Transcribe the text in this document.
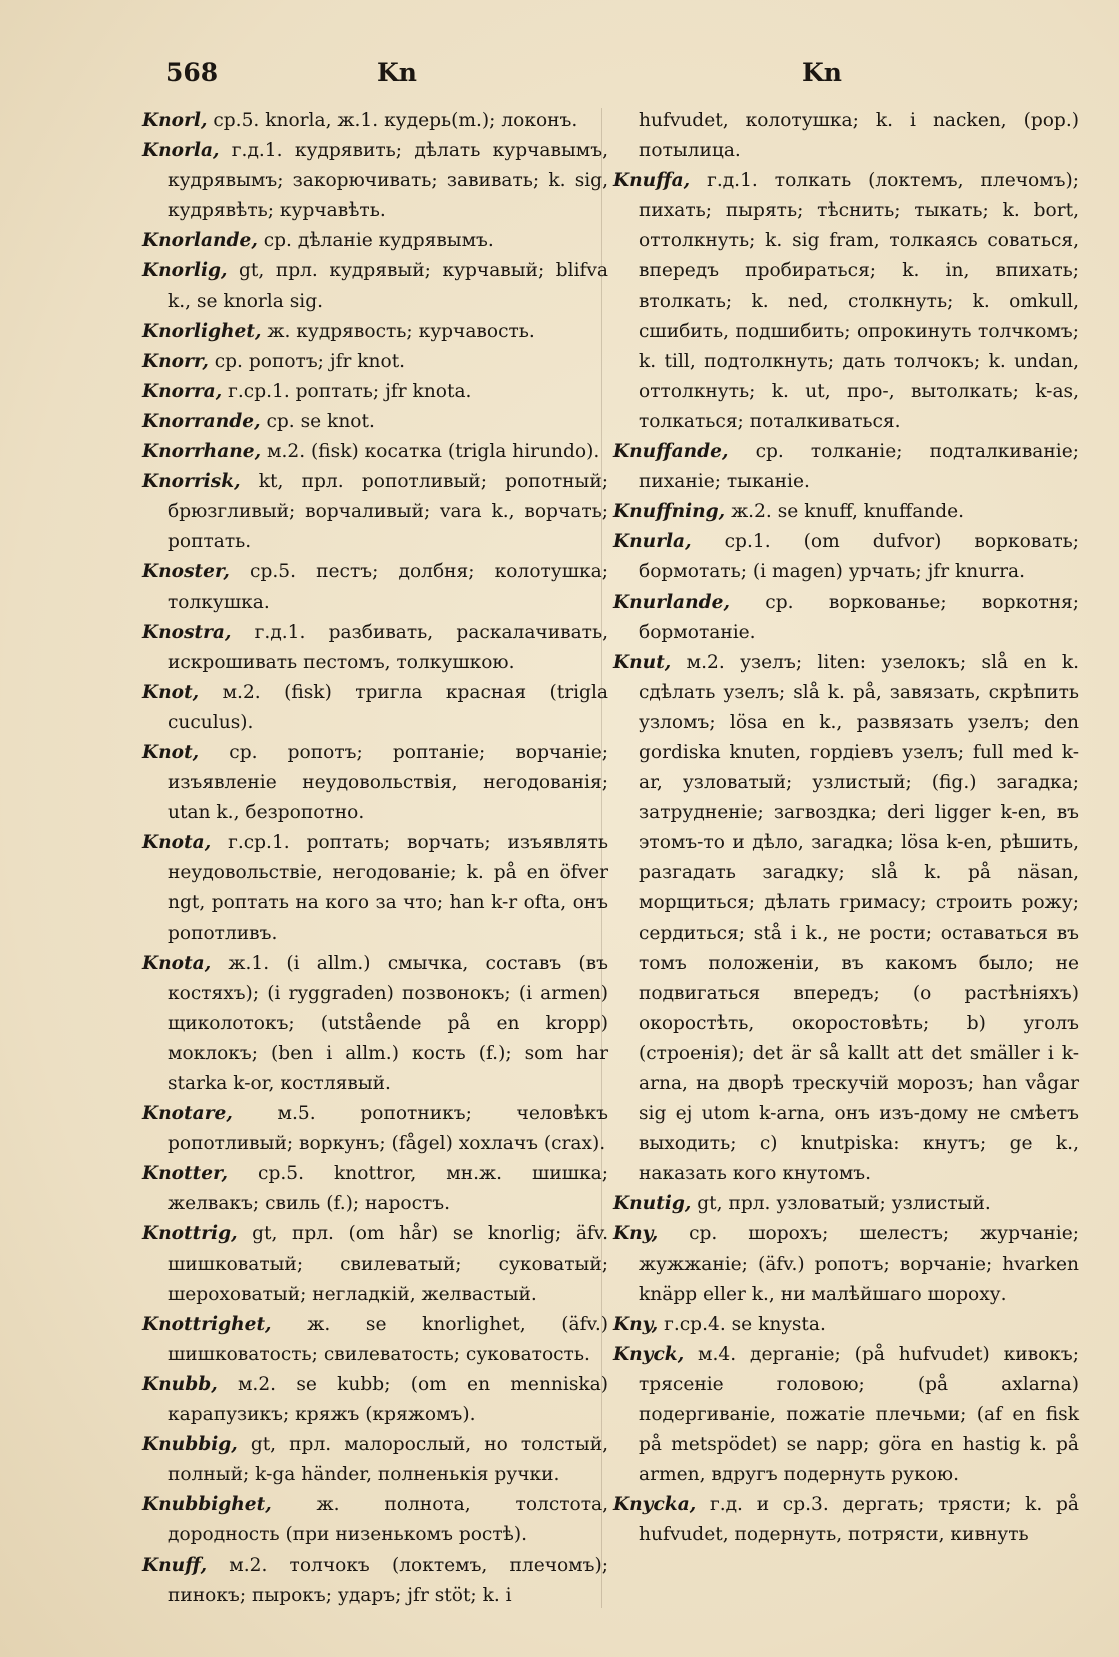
568	Kn	Kn

Knorl, ср.5. knorla, ж.1. кудерь(m.); локонъ.

Knorla, г.д.1. кудрявить; дѣлать курчавымъ, кудрявымъ; закорючивать; завивать; k. sig, кудрявѣть; курчавѣть.

Knorlande, ср. дѣланіе кудрявымъ.

Knorlig, gt, прл. кудрявый; курчавый; blifva k., se knorla sig.

Knorlighet, ж. кудрявость; курчавость.

Knorr, ср. ропотъ; jfr knot.

Knorra, г.ср.1. роптать; jfr knota.

Knorrande, ср. se knot.

Knorrhane, м.2. (fisk) косатка (trigla hirundo).

Knorrisk, kt, прл. ропотливый; ропотный; брюзгливый; ворчаливый; vara k., ворчать; роптать.

Knoster, ср.5. пестъ; долбня; колотушка; толкушка.

Knostra, г.д.1. разбивать, раскалачивать, искрошивать пестомъ, толкушкою.

Knot, м.2. (fisk) тригла красная (trigla cuculus).

Knot, ср. ропотъ; роптаніе; ворчаніе; изъявленіе неудовольствія, негодованія; utan k., безропотно.

Knota, г.ср.1. роптать; ворчать; изъявлять неудовольствіе, негодованіе; k. på en öfver ngt, роптать на кого за что; han k-r ofta, онъ ропотливъ.

Knota, ж.1. (i allm.) смычка, составъ (въ костяхъ); (i ryggraden) позвонокъ; (i armen) щиколотокъ; (utstående på en kropp) моклокъ; (ben i allm.) кость (f.); som har starka k-or, костлявый.

Knotare, м.5. ропотникъ; человѣкъ ропотливый; воркунъ; (fågel) хохлачъ (crax).

Knotter, ср.5. knottror, мн.ж. шишка; желвакъ; свиль (f.); наростъ.

Knottrig, gt, прл. (om hår) se knorlig; äfv. шишковатый; свилеватый; суковатый; шероховатый; негладкій, желвастый.

Knottrighet, ж. se knorlighet, (äfv.) шишковатость; свилеватость; суковатость.

Knubb, м.2. se kubb; (om en menniska) карапузикъ; кряжъ (кряжомъ).

Knubbig, gt, прл. малорослый, но толстый, полный; k-ga händer, полненькія ручки.

Knubbighet, ж. полнота, толстота, дородность (при низенькомъ ростѣ).

Knuff, м.2. толчокъ (локтемъ, плечомъ); пинокъ; пырокъ; ударъ; jfr stöt; k. i

hufvudet, колотушка; k. i nacken, (pop.) потылица.

Knuffa, г.д.1. толкать (локтемъ, плечомъ); пихать; пырять; тѣснить; тыкать; k. bort, оттолкнуть; k. sig fram, толкаясь соваться, впередъ пробираться; k. in, впихать; втолкать; k. ned, столкнуть; k. omkull, сшибить, подшибить; опрокинуть толчкомъ; k. till, подтолкнуть; дать толчокъ; k. undan, оттолкнуть; k. ut, про-, вытолкать; k-as, толкаться; поталкиваться.

Knuffande, ср. толканіе; подталкиваніе; пиханіе; тыканіе.

Knuffning, ж.2. se knuff, knuffande.

Knurla, ср.1. (om dufvor) ворковать; бормотать; (i magen) урчать; jfr knurra.

Knurlande, ср. воркованье; воркотня; бормотаніе.

Knut, м.2. узелъ; liten: узелокъ; slå en k. сдѣлать узелъ; slå k. på, завязать, скрѣпить узломъ; lösa en k., развязать узелъ; den gordiska knuten, гордіевъ узелъ; full med k-ar, узловатый; узлистый; (fig.) загадка; затрудненіе; загвоздка; deri ligger k-en, въ этомъ-то и дѣло, загадка; lösa k-en, рѣшить, разгадать загадку; slå k. på näsan, морщиться; дѣлать гримасу; строить рожу; сердиться; stå i k., не рости; оставаться въ томъ положеніи, въ какомъ было; не подвигаться впередъ; (о растѣніяхъ) окоростѣть, окоростовѣть; b) уголъ (строенія); det är så kallt att det smäller i k-arna, на дворѣ трескучій морозъ; han vågar sig ej utom k-arna, онъ изъ-дому не смѣетъ выходить; c) knutpiska: кнутъ; ge k., наказать кого кнутомъ.

Knutig, gt, прл. узловатый; узлистый.

Kny, ср. шорохъ; шелестъ; журчаніе; жужжаніе; (äfv.) ропотъ; ворчаніе; hvarken knäpp eller k., ни малѣйшаго шороху.

Kny, г.ср.4. se knysta.

Knyck, м.4. дерганіе; (på hufvudet) кивокъ; трясеніе головою; (på axlarna) подергиваніе, пожатіе плечьми; (af en fisk på metspödet) se napp; göra en hastig k. på armen, вдругъ подернуть рукою.

Knycka, г.д. и ср.3. дергать; трясти; k. på hufvudet, подернуть, потрясти, кивнуть
